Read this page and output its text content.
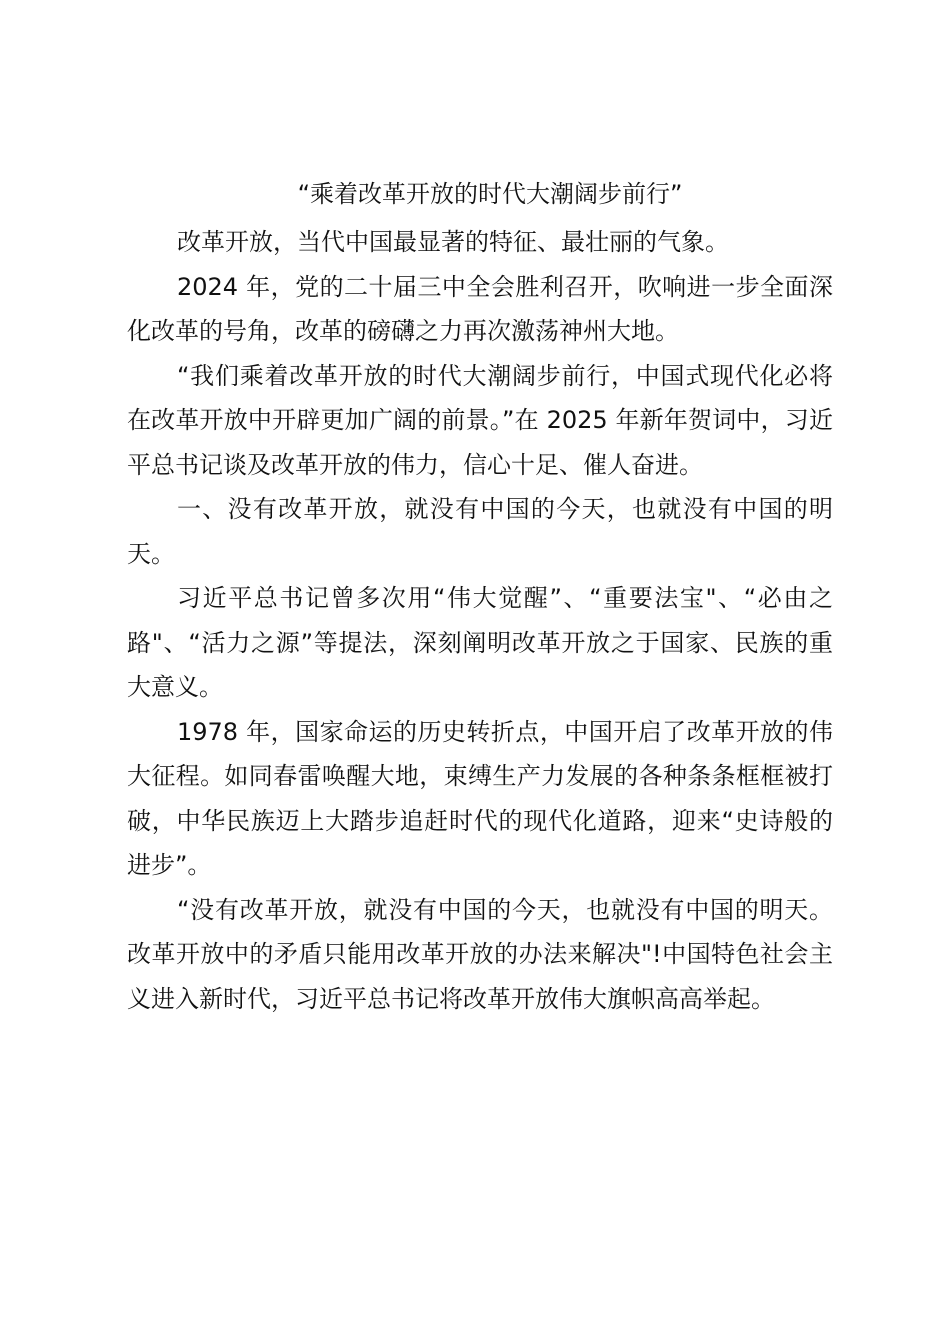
“乘着改革开放的时代大潮阔步前行”

改革开放，当代中国最显著的特征、最壮丽的气象。

2024 年，党的二十届三中全会胜利召开，吹响进一步全面深化改革的号角，改革的磅礴之力再次激荡神州大地。

“我们乘着改革开放的时代大潮阔步前行，中国式现代化必将在改革开放中开辟更加广阔的前景。”在 2025 年新年贺词中，习近平总书记谈及改革开放的伟力，信心十足、催人奋进。

一、没有改革开放，就没有中国的今天，也就没有中国的明天。

习近平总书记曾多次用“伟大觉醒”、“重要法宝"、“必由之路"、“活力之源”等提法，深刻阐明改革开放之于国家、民族的重大意义。

1978 年，国家命运的历史转折点，中国开启了改革开放的伟大征程。如同春雷唤醒大地，束缚生产力发展的各种条条框框被打破，中华民族迈上大踏步追赶时代的现代化道路，迎来“史诗般的进步”。

“没有改革开放，就没有中国的今天，也就没有中国的明天。改革开放中的矛盾只能用改革开放的办法来解决"!中国特色社会主义进入新时代，习近平总书记将改革开放伟大旗帜高高举起。
